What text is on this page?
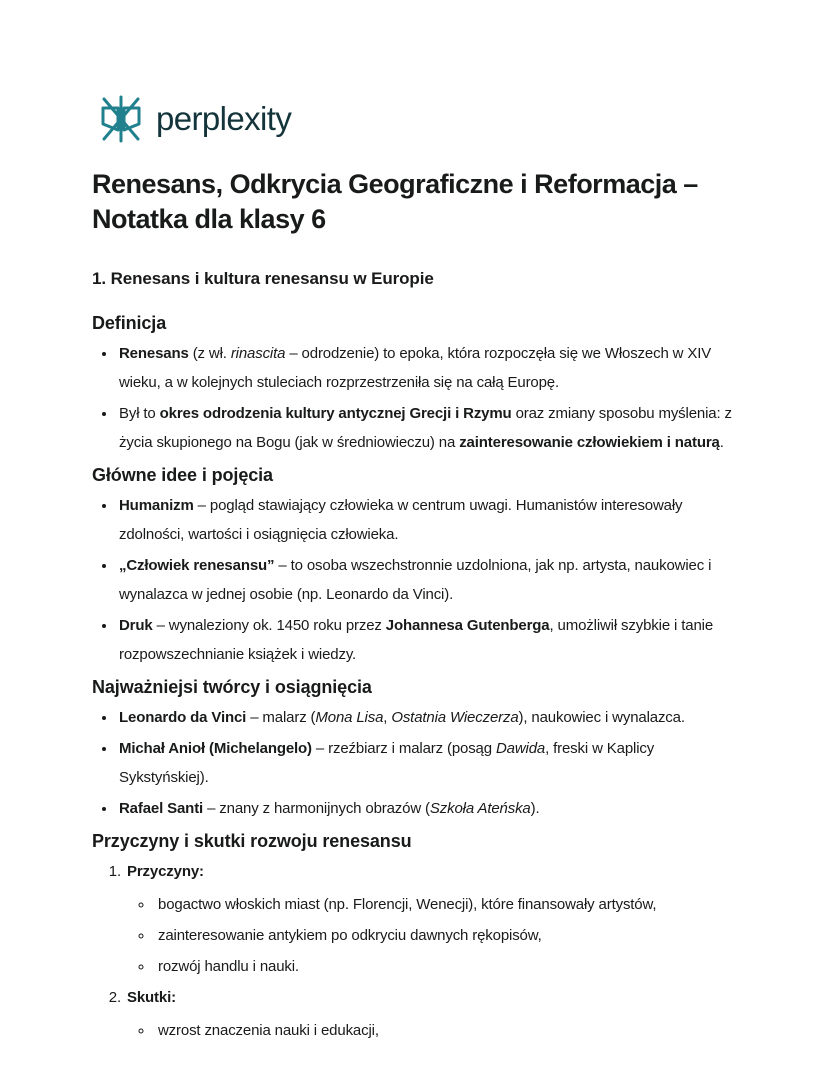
perplexity
Renesans, Odkrycia Geograficzne i Reformacja – Notatka dla klasy 6
1. Renesans i kultura renesansu w Europie
Definicja
• Renesans (z wł. rinascita – odrodzenie) to epoka, która rozpoczęła się we Włoszech w XIV wieku, a w kolejnych stuleciach rozprzestrzeniła się na całą Europę.
• Był to okres odrodzenia kultury antycznej Grecji i Rzymu oraz zmiany sposobu myślenia: z życia skupionego na Bogu (jak w średniowieczu) na zainteresowanie człowiekiem i naturą.
Główne idee i pojęcia
• Humanizm – pogląd stawiający człowieka w centrum uwagi. Humanistów interesowały zdolności, wartości i osiągnięcia człowieka.
• „Człowiek renesansu” – to osoba wszechstronnie uzdolniona, jak np. artysta, naukowiec i wynalazca w jednej osobie (np. Leonardo da Vinci).
• Druk – wynaleziony ok. 1450 roku przez Johannesa Gutenberga, umożliwił szybkie i tanie rozpowszechnianie książek i wiedzy.
Najważniejsi twórcy i osiągnięcia
• Leonardo da Vinci – malarz (Mona Lisa, Ostatnia Wieczerza), naukowiec i wynalazca.
• Michał Anioł (Michelangelo) – rzeźbiarz i malarz (posąg Dawida, freski w Kaplicy Sykstyńskiej).
• Rafael Santi – znany z harmonijnych obrazów (Szkoła Ateńska).
Przyczyny i skutki rozwoju renesansu
1. Przyczyny:
◦ bogactwo włoskich miast (np. Florencji, Wenecji), które finansowały artystów,
◦ zainteresowanie antykiem po odkryciu dawnych rękopisów,
◦ rozwój handlu i nauki.
2. Skutki:
◦ wzrost znaczenia nauki i edukacji,
